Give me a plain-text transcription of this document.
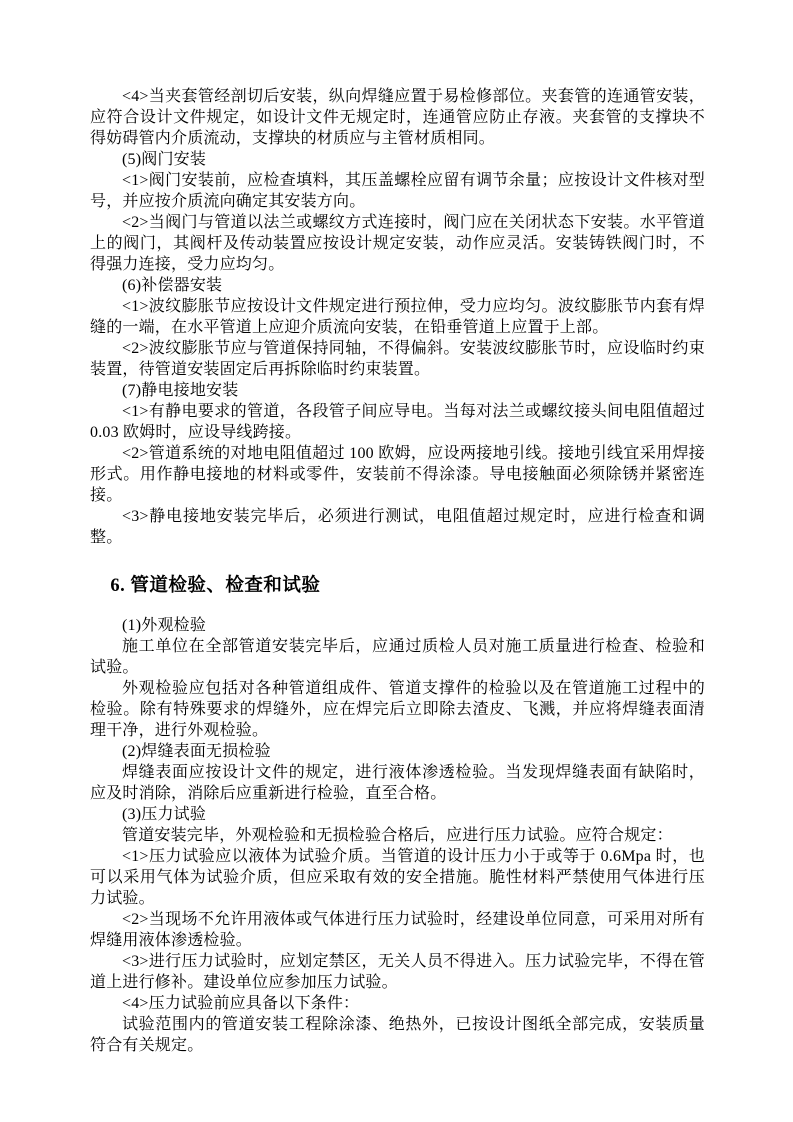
<4>当夹套管经剖切后安装，纵向焊缝应置于易检修部位。夹套管的连通管安装，应符合设计文件规定，如设计文件无规定时，连通管应防止存液。夹套管的支撑块不得妨碍管内介质流动，支撑块的材质应与主管材质相同。

(5)阀门安装

<1>阀门安装前，应检查填料，其压盖螺栓应留有调节余量；应按设计文件核对型号，并应按介质流向确定其安装方向。

<2>当阀门与管道以法兰或螺纹方式连接时，阀门应在关闭状态下安装。水平管道上的阀门，其阀杆及传动装置应按设计规定安装，动作应灵活。安装铸铁阀门时，不得强力连接，受力应均匀。

(6)补偿器安装

<1>波纹膨胀节应按设计文件规定进行预拉伸，受力应均匀。波纹膨胀节内套有焊缝的一端，在水平管道上应迎介质流向安装，在铅垂管道上应置于上部。

<2>波纹膨胀节应与管道保持同轴，不得偏斜。安装波纹膨胀节时，应设临时约束装置，待管道安装固定后再拆除临时约束装置。

(7)静电接地安装

<1>有静电要求的管道，各段管子间应导电。当每对法兰或螺纹接头间电阻值超过0.03 欧姆时，应设导线跨接。

<2>管道系统的对地电阻值超过 100 欧姆，应设两接地引线。接地引线宜采用焊接形式。用作静电接地的材料或零件，安装前不得涂漆。导电接触面必须除锈并紧密连接。

<3>静电接地安装完毕后，必须进行测试，电阻值超过规定时，应进行检查和调整。

6. 管道检验、检查和试验

(1)外观检验

施工单位在全部管道安装完毕后，应通过质检人员对施工质量进行检查、检验和试验。

外观检验应包括对各种管道组成件、管道支撑件的检验以及在管道施工过程中的检验。除有特殊要求的焊缝外，应在焊完后立即除去渣皮、飞溅，并应将焊缝表面清理干净，进行外观检验。

(2)焊缝表面无损检验

焊缝表面应按设计文件的规定，进行液体渗透检验。当发现焊缝表面有缺陷时，应及时消除，消除后应重新进行检验，直至合格。

(3)压力试验

管道安装完毕，外观检验和无损检验合格后，应进行压力试验。应符合规定：

<1>压力试验应以液体为试验介质。当管道的设计压力小于或等于 0.6Mpa 时，也可以采用气体为试验介质，但应采取有效的安全措施。脆性材料严禁使用气体进行压力试验。

<2>当现场不允许用液体或气体进行压力试验时，经建设单位同意，可采用对所有焊缝用液体渗透检验。

<3>进行压力试验时，应划定禁区，无关人员不得进入。压力试验完毕，不得在管道上进行修补。建设单位应参加压力试验。

<4>压力试验前应具备以下条件：

试验范围内的管道安装工程除涂漆、绝热外，已按设计图纸全部完成，安装质量符合有关规定。
